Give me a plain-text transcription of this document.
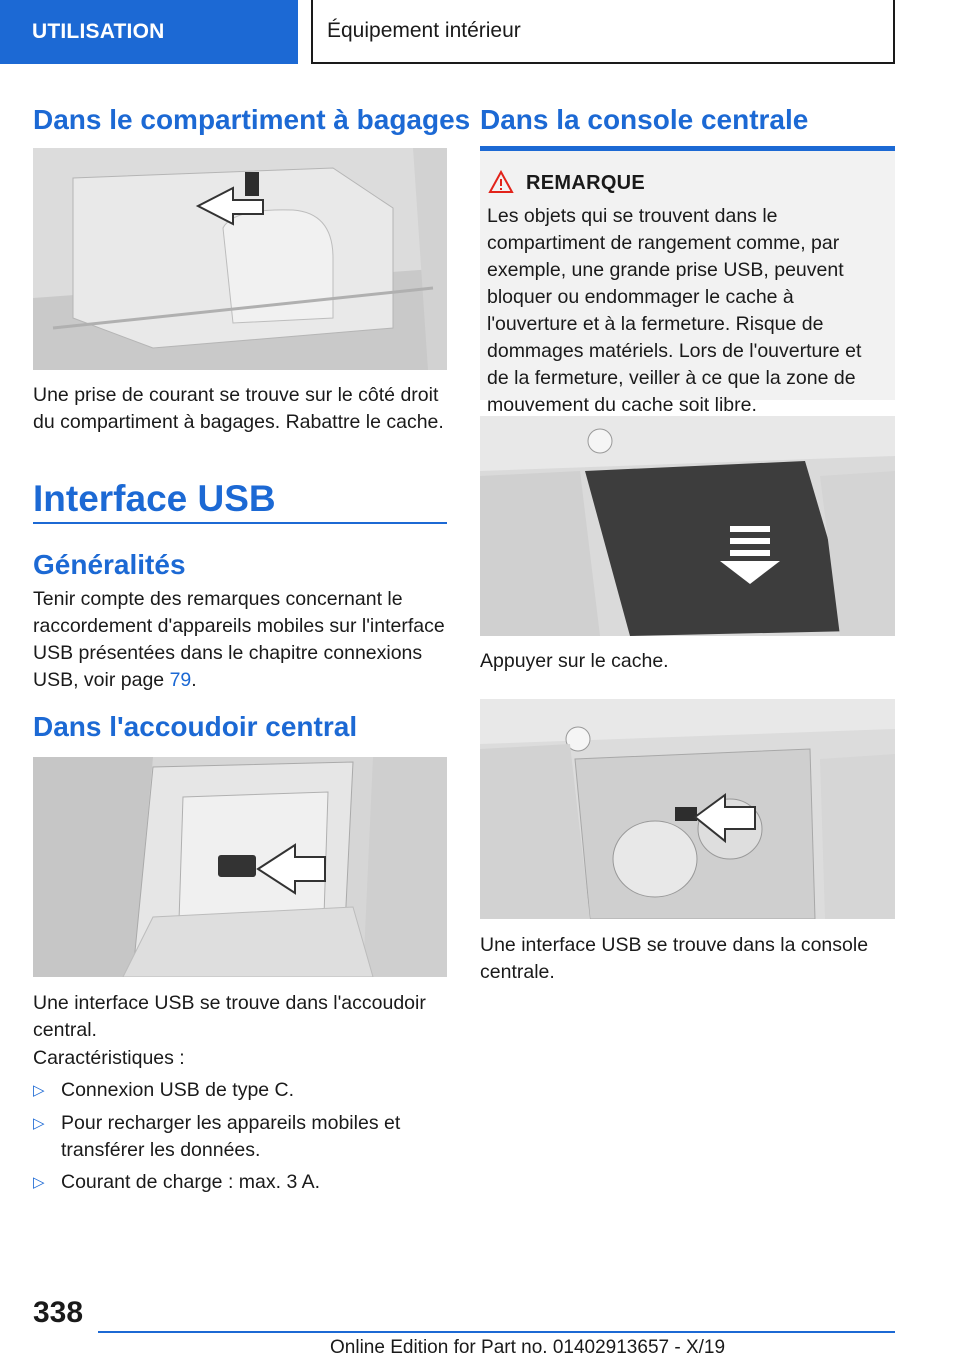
UTILISATION	Équipement intérieur
Dans le compartiment à bagages

Une prise de courant se trouve sur le côté droit du compartiment à bagages. Rabattre le cache.

Interface USB
Généralités

Tenir compte des remarques concernant le raccordement d'appareils mobiles sur l'interface USB présentées dans le chapitre connexions USB, voir page 79.

Dans l'accoudoir central

Une interface USB se trouve dans l'accoudoir central.

Caractéristiques :

▷ Connexion USB de type C.
▷ Pour recharger les appareils mobiles et transférer les données.
▷ Courant de charge : max. 3 A.
Dans la console centrale
REMARQUE
Les objets qui se trouvent dans le compartiment de rangement comme, par exemple, une grande prise USB, peuvent bloquer ou endommager le cache à l'ouverture et à la fermeture. Risque de dommages matériels. Lors de l'ouverture et de la fermeture, veiller à ce que la zone de mouvement du cache soit libre.

Appuyer sur le cache.

Une interface USB se trouve dans la console centrale.

338
Online Edition for Part no. 01402913657 - X/19
